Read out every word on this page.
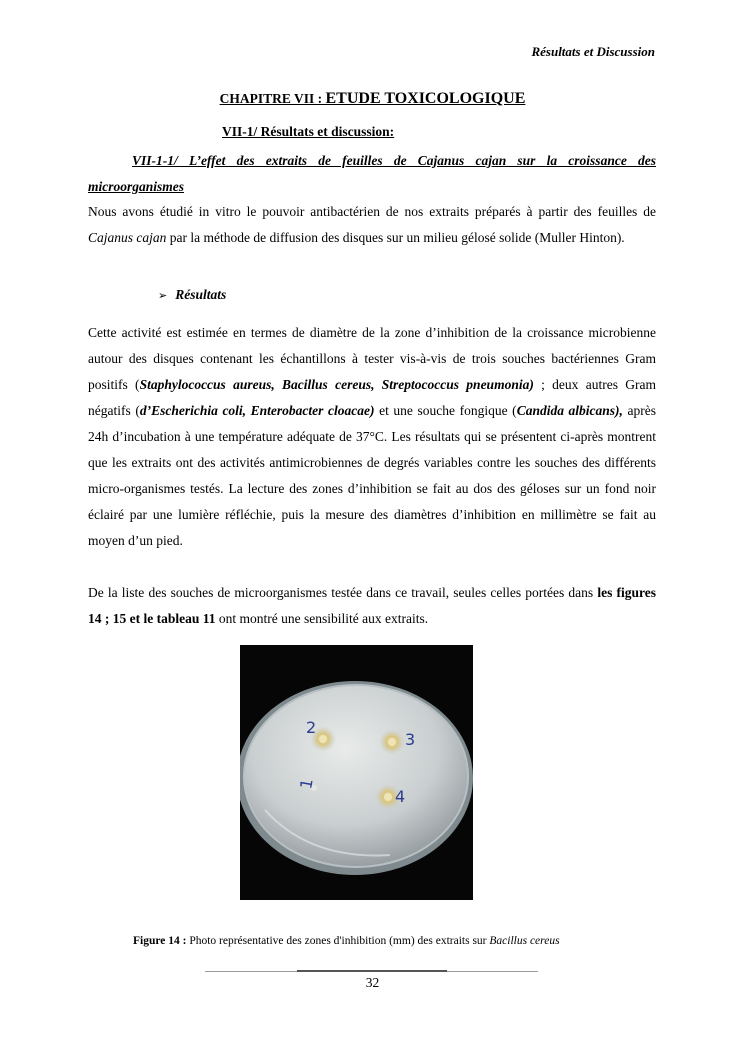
Résultats et Discussion
CHAPITRE VII : ETUDE TOXICOLOGIQUE
VII-1/ Résultats et discussion:
VII-1-1/ L’effet des extraits de feuilles de Cajanus cajan sur la croissance des microorganismes
Nous avons étudié in vitro le pouvoir antibactérien de nos extraits préparés à partir des feuilles de Cajanus cajan par la méthode de diffusion des disques sur un milieu gélosé solide (Muller Hinton).
➢ Résultats
Cette activité est estimée en termes de diamètre de la zone d’inhibition de la croissance microbienne autour des disques contenant les échantillons à tester vis-à-vis de trois souches bactériennes Gram positifs (Staphylococcus aureus, Bacillus cereus, Streptococcus pneumonia) ; deux autres Gram négatifs (d’Escherichia coli, Enterobacter cloacae) et une souche fongique (Candida albicans), après 24h d’incubation à une température adéquate de 37°C. Les résultats qui se présentent ci-après montrent que les extraits ont des activités antimicrobiennes de degrés variables contre les souches des différents micro-organismes testés. La lecture des zones d’inhibition se fait au dos des géloses sur un fond noir éclairé par une lumière réfléchie, puis la mesure des diamètres d’inhibition en millimètre se fait au moyen d’un pied.
De la liste des souches de microorganismes testée dans ce travail, seules celles portées dans les figures 14 ; 15 et le tableau 11 ont montré une sensibilité aux extraits.
2
3
1
4
Figure 14 : Photo représentative des zones d'inhibition (mm) des extraits sur Bacillus cereus
32
